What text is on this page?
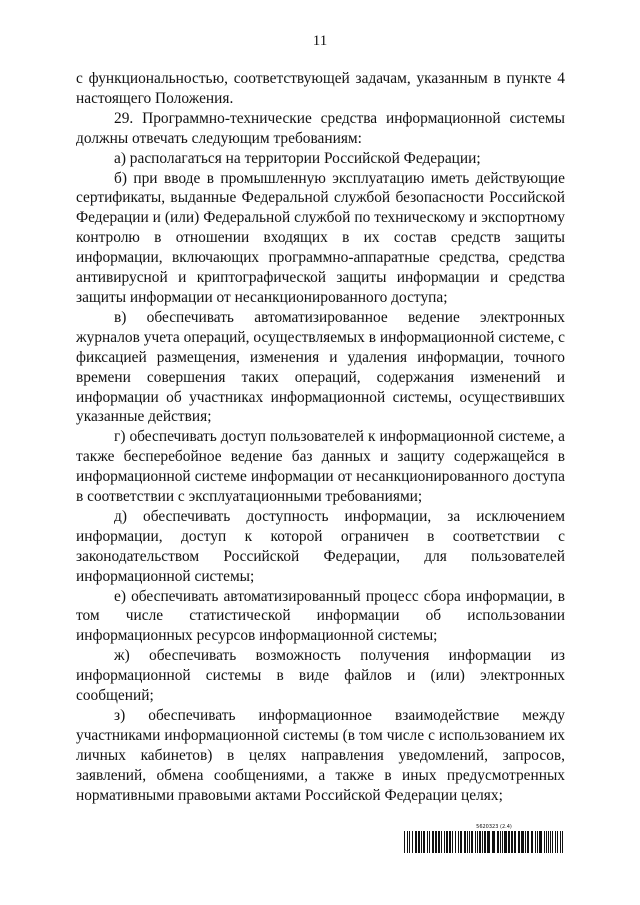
11

с функциональностью, соответствующей задачам, указанным в пункте 4 настоящего Положения.

29. Программно-технические средства информационной системы должны отвечать следующим требованиям:

а) располагаться на территории Российской Федерации;

б) при вводе в промышленную эксплуатацию иметь действующие сертификаты, выданные Федеральной службой безопасности Российской Федерации и (или) Федеральной службой по техническому и экспортному контролю в отношении входящих в их состав средств защиты информации, включающих программно-аппаратные средства, средства антивирусной и криптографической защиты информации и средства защиты информации от несанкционированного доступа;

в) обеспечивать автоматизированное ведение электронных журналов учета операций, осуществляемых в информационной системе, с фиксацией размещения, изменения и удаления информации, точного времени совершения таких операций, содержания изменений и информации об участниках информационной системы, осуществивших указанные действия;

г) обеспечивать доступ пользователей к информационной системе, а также бесперебойное ведение баз данных и защиту содержащейся в информационной системе информации от несанкционированного доступа в соответствии с эксплуатационными требованиями;

д) обеспечивать доступность информации, за исключением информации, доступ к которой ограничен в соответствии с законодательством Российской Федерации, для пользователей информационной системы;

е) обеспечивать автоматизированный процесс сбора информации, в том числе статистической информации об использовании информационных ресурсов информационной системы;

ж) обеспечивать возможность получения информации из информационной системы в виде файлов и (или) электронных сообщений;

з) обеспечивать информационное взаимодействие между участниками информационной системы (в том числе с использованием их личных кабинетов) в целях направления уведомлений, запросов, заявлений, обмена сообщениями, а также в иных предусмотренных нормативными правовыми актами Российской Федерации целях;

5620323 (2.4)
